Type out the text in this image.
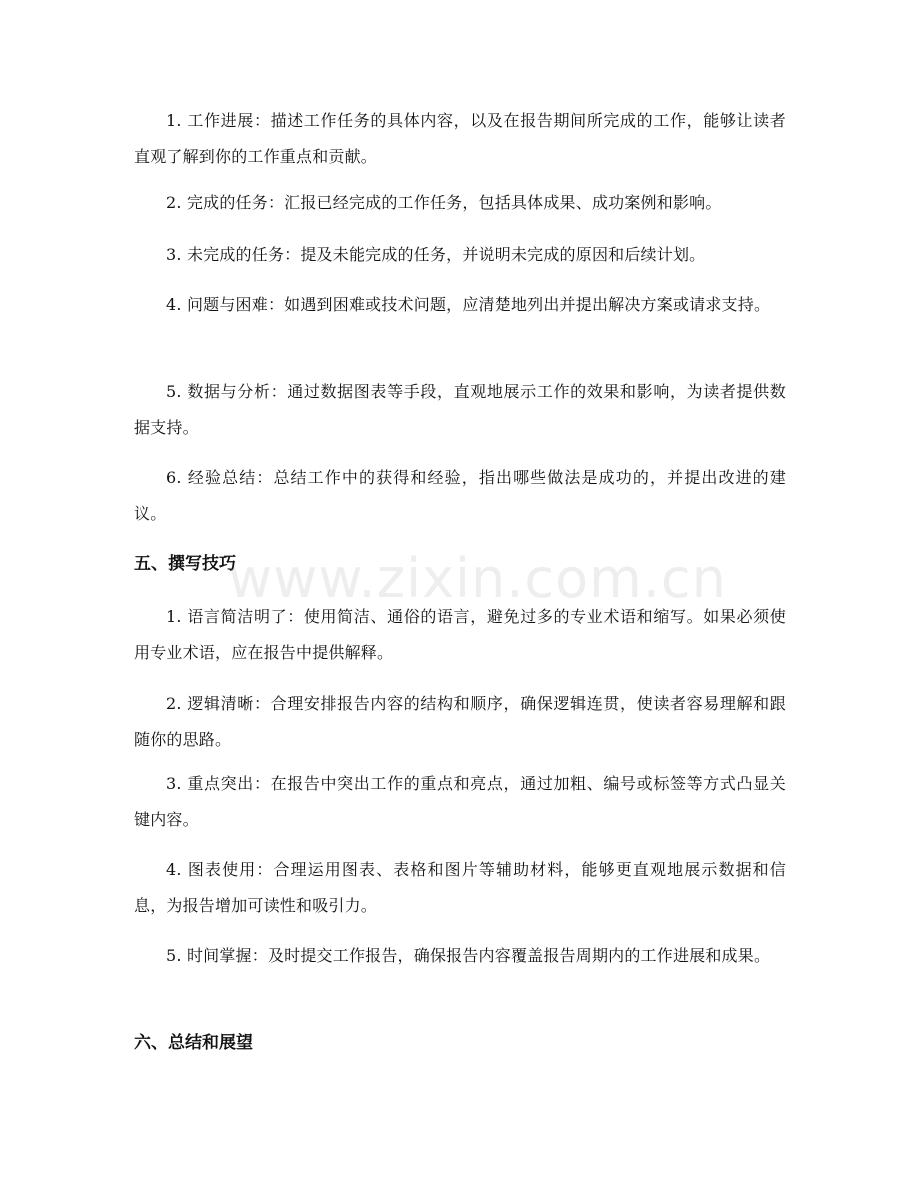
1. 工作进展：描述工作任务的具体内容，以及在报告期间所完成的工作，能够让读者直观了解到你的工作重点和贡献。

2. 完成的任务：汇报已经完成的工作任务，包括具体成果、成功案例和影响。

3. 未完成的任务：提及未能完成的任务，并说明未完成的原因和后续计划。

4. 问题与困难：如遇到困难或技术问题，应清楚地列出并提出解决方案或请求支持。

5. 数据与分析：通过数据图表等手段，直观地展示工作的效果和影响，为读者提供数据支持。

6. 经验总结：总结工作中的获得和经验，指出哪些做法是成功的，并提出改进的建议。

五、撰写技巧

1. 语言简洁明了：使用简洁、通俗的语言，避免过多的专业术语和缩写。如果必须使用专业术语，应在报告中提供解释。

2. 逻辑清晰：合理安排报告内容的结构和顺序，确保逻辑连贯，使读者容易理解和跟随你的思路。

3. 重点突出：在报告中突出工作的重点和亮点，通过加粗、编号或标签等方式凸显关键内容。

4. 图表使用：合理运用图表、表格和图片等辅助材料，能够更直观地展示数据和信息，为报告增加可读性和吸引力。

5. 时间掌握：及时提交工作报告，确保报告内容覆盖报告周期内的工作进展和成果。

六、总结和展望
www.zixin.com.cn
